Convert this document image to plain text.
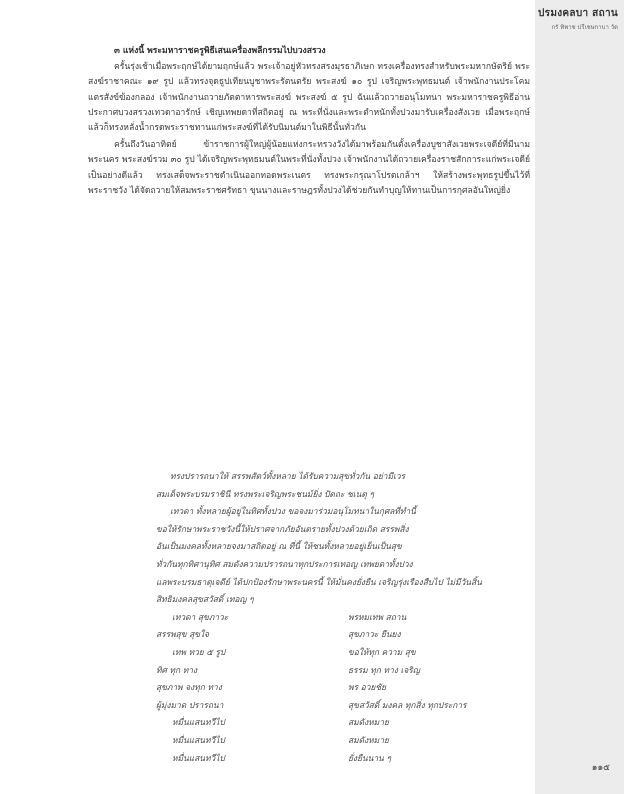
ปรมงคลบา สถาน
กรั ทิพาช ปรีเชษกาบา วัด
๓ แห่งนี้ พระมหาราชครูพิธีเสนเครื่องพลีกรรมไปบวงสรวง

ครั้นรุ่งเช้าเมื่อพระฤกษ์ได้ยามฤกษ์แล้ว พระเจ้าอยู่หัวทรงสรงมุรธาภิเษก ทรงเครื่องทรงสำหรับพระมหากษัตริย์ พระสงฆ์ราชาคณะ ๑๙ รูป แล้วทรงจุดธูปเทียนบูชาพระรัตนตรัย พระสงฆ์ ๑๐ รูป เจริญพระพุทธมนต์ เจ้าพนักงานประโคมแตรสังข์ฆ้องกลอง เจ้าพนักงานถวายภัตตาหารพระสงฆ์ พระสงฆ์ ๕ รูป ฉันแล้วถวายอนุโมทนา พระมหาราชครูพิธีอ่านประกาศบวงสรวงเทวดาอารักษ์ เชิญเทพยดาที่สถิตอยู่ ณ พระที่นั่งและพระตำหนักทั้งปวงมารับเครื่องสังเวย เมื่อพระฤกษ์แล้วก็ทรงหลั่งน้ำกรดพระราชทานแก่พระสงฆ์ที่ได้รับนิมนต์มาในพิธีนั้นทั่วกัน

ครั้นถึงวันอาทิตย์ ข้าราชการผู้ใหญ่ผู้น้อยแห่งกระทรวงวังได้มาพร้อมกันตั้งเครื่องบูชาสังเวยพระเจดีย์ที่มีนามพระนคร พระสงฆ์รวม ๓๐ รูป ได้เจริญพระพุทธมนต์ในพระที่นั่งทั้งปวง เจ้าพนักงานได้ถวายเครื่องราชสักการะแก่พระเจดีย์เป็นอย่างดีแล้ว ทรงเสด็จพระราชดำเนินออกทอดพระเนตร ทรงพระกรุณาโปรดเกล้าฯ ให้สร้างพระพุทธรูปขึ้นไว้ที่พระราชวัง ได้จัดถวายให้สมพระราชศรัทธา ขุนนางและราษฎรทั้งปวงได้ช่วยกันทำบุญให้ทานเป็นการกุศลอันใหญ่ยิ่ง

ทรงปรารถนาให้ สรรพสัตว์ทั้งหลาย ได้รับความสุขทั่วกัน อย่ามีเวร
สมเด็จพระบรมราชินี ทรงพระเจริญพระชนม์ยิ่ง ปัตถะ ชเนตุ ๆ
เทวดา ทั้งหลายผู้อยู่ในทิศทั้งปวง ขอจงมาร่วมอนุโมทนาในกุศลที่ทำนี้
ขอให้รักษาพระราชวังนี้ให้ปราศจากภัยอันตรายทั้งปวงด้วยเถิด สรรพสิ่ง
อันเป็นมงคลทั้งหลายจงมาสถิตอยู่ ณ ที่นี้ ให้ชนทั้งหลายอยู่เย็นเป็นสุข
ทั่วกันทุกทิศานุทิศ สมดังความปรารถนาทุกประการเทอญ เทพยดาทั้งปวง
แลพระบรมธาตุเจดีย์ ได้ปกป้องรักษาพระนครนี้ ให้มั่นคงยั่งยืน เจริญรุ่งเรืองสืบไป ไม่มีวันสิ้น
สิทธิมงคลสุขสวัสดิ์ เทอญ ๆ
เทวดา สุขภาวะ	พรหมเทพ สถาน
สรรพสุข สุขใจ	สุขภาวะ ยืนยง
เทพ ทวย ๕ รูป	ขอให้ทุก ความ สุข
ทิศ ทุก ทาง	ธรรม ทุก ทาง เจริญ
สุขภาพ จงทุก ทาง	พร อวยชัย
ผู้มุ่งมาด ปรารถนา	สุขสวัสดิ์ มงคล ทุกสิ่ง ทุกประการ
หมื่นแสนทวีไป	สมดังหมาย
หมื่นแสนทวีไป	สมดังหมาย
หมื่นแสนทวีไป	ยั่งยืนนาน ๆ
๑๑๕
